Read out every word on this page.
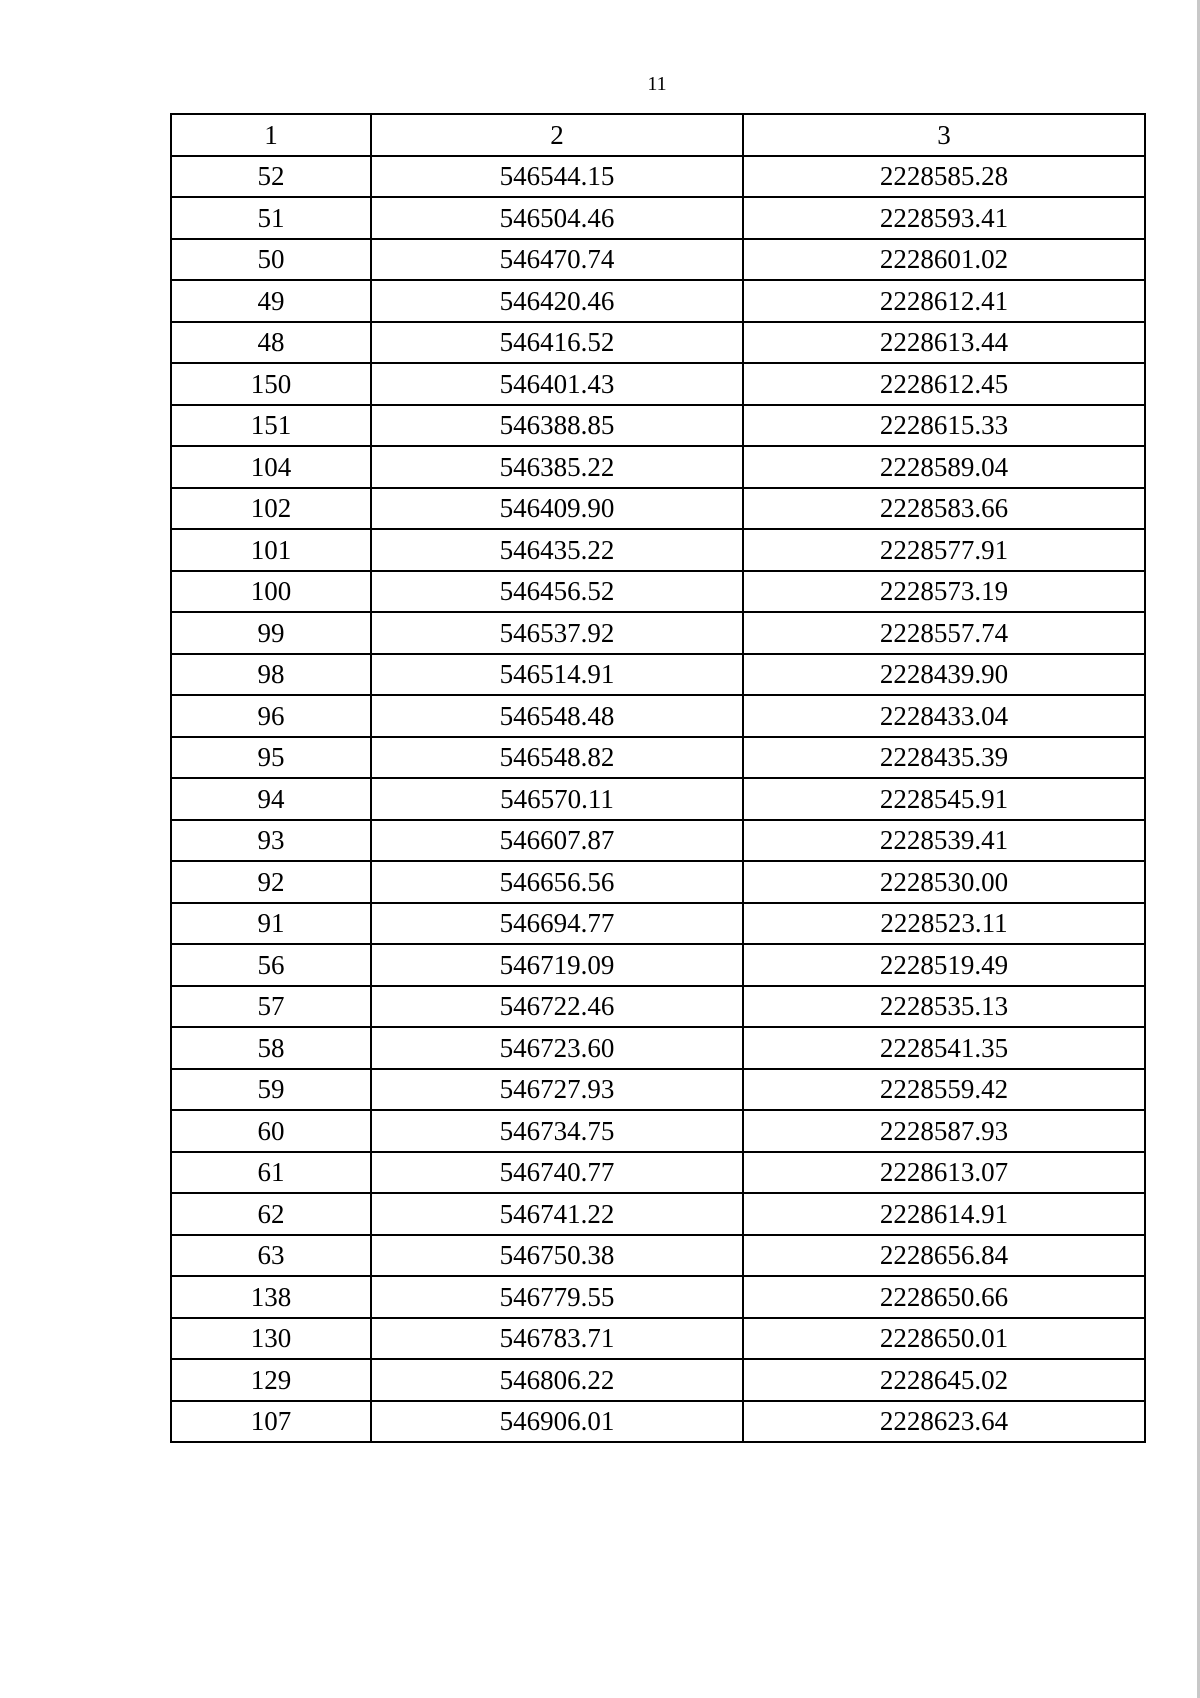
11
1	2	3
52	546544.15	2228585.28
51	546504.46	2228593.41
50	546470.74	2228601.02
49	546420.46	2228612.41
48	546416.52	2228613.44
150	546401.43	2228612.45
151	546388.85	2228615.33
104	546385.22	2228589.04
102	546409.90	2228583.66
101	546435.22	2228577.91
100	546456.52	2228573.19
99	546537.92	2228557.74
98	546514.91	2228439.90
96	546548.48	2228433.04
95	546548.82	2228435.39
94	546570.11	2228545.91
93	546607.87	2228539.41
92	546656.56	2228530.00
91	546694.77	2228523.11
56	546719.09	2228519.49
57	546722.46	2228535.13
58	546723.60	2228541.35
59	546727.93	2228559.42
60	546734.75	2228587.93
61	546740.77	2228613.07
62	546741.22	2228614.91
63	546750.38	2228656.84
138	546779.55	2228650.66
130	546783.71	2228650.01
129	546806.22	2228645.02
107	546906.01	2228623.64
